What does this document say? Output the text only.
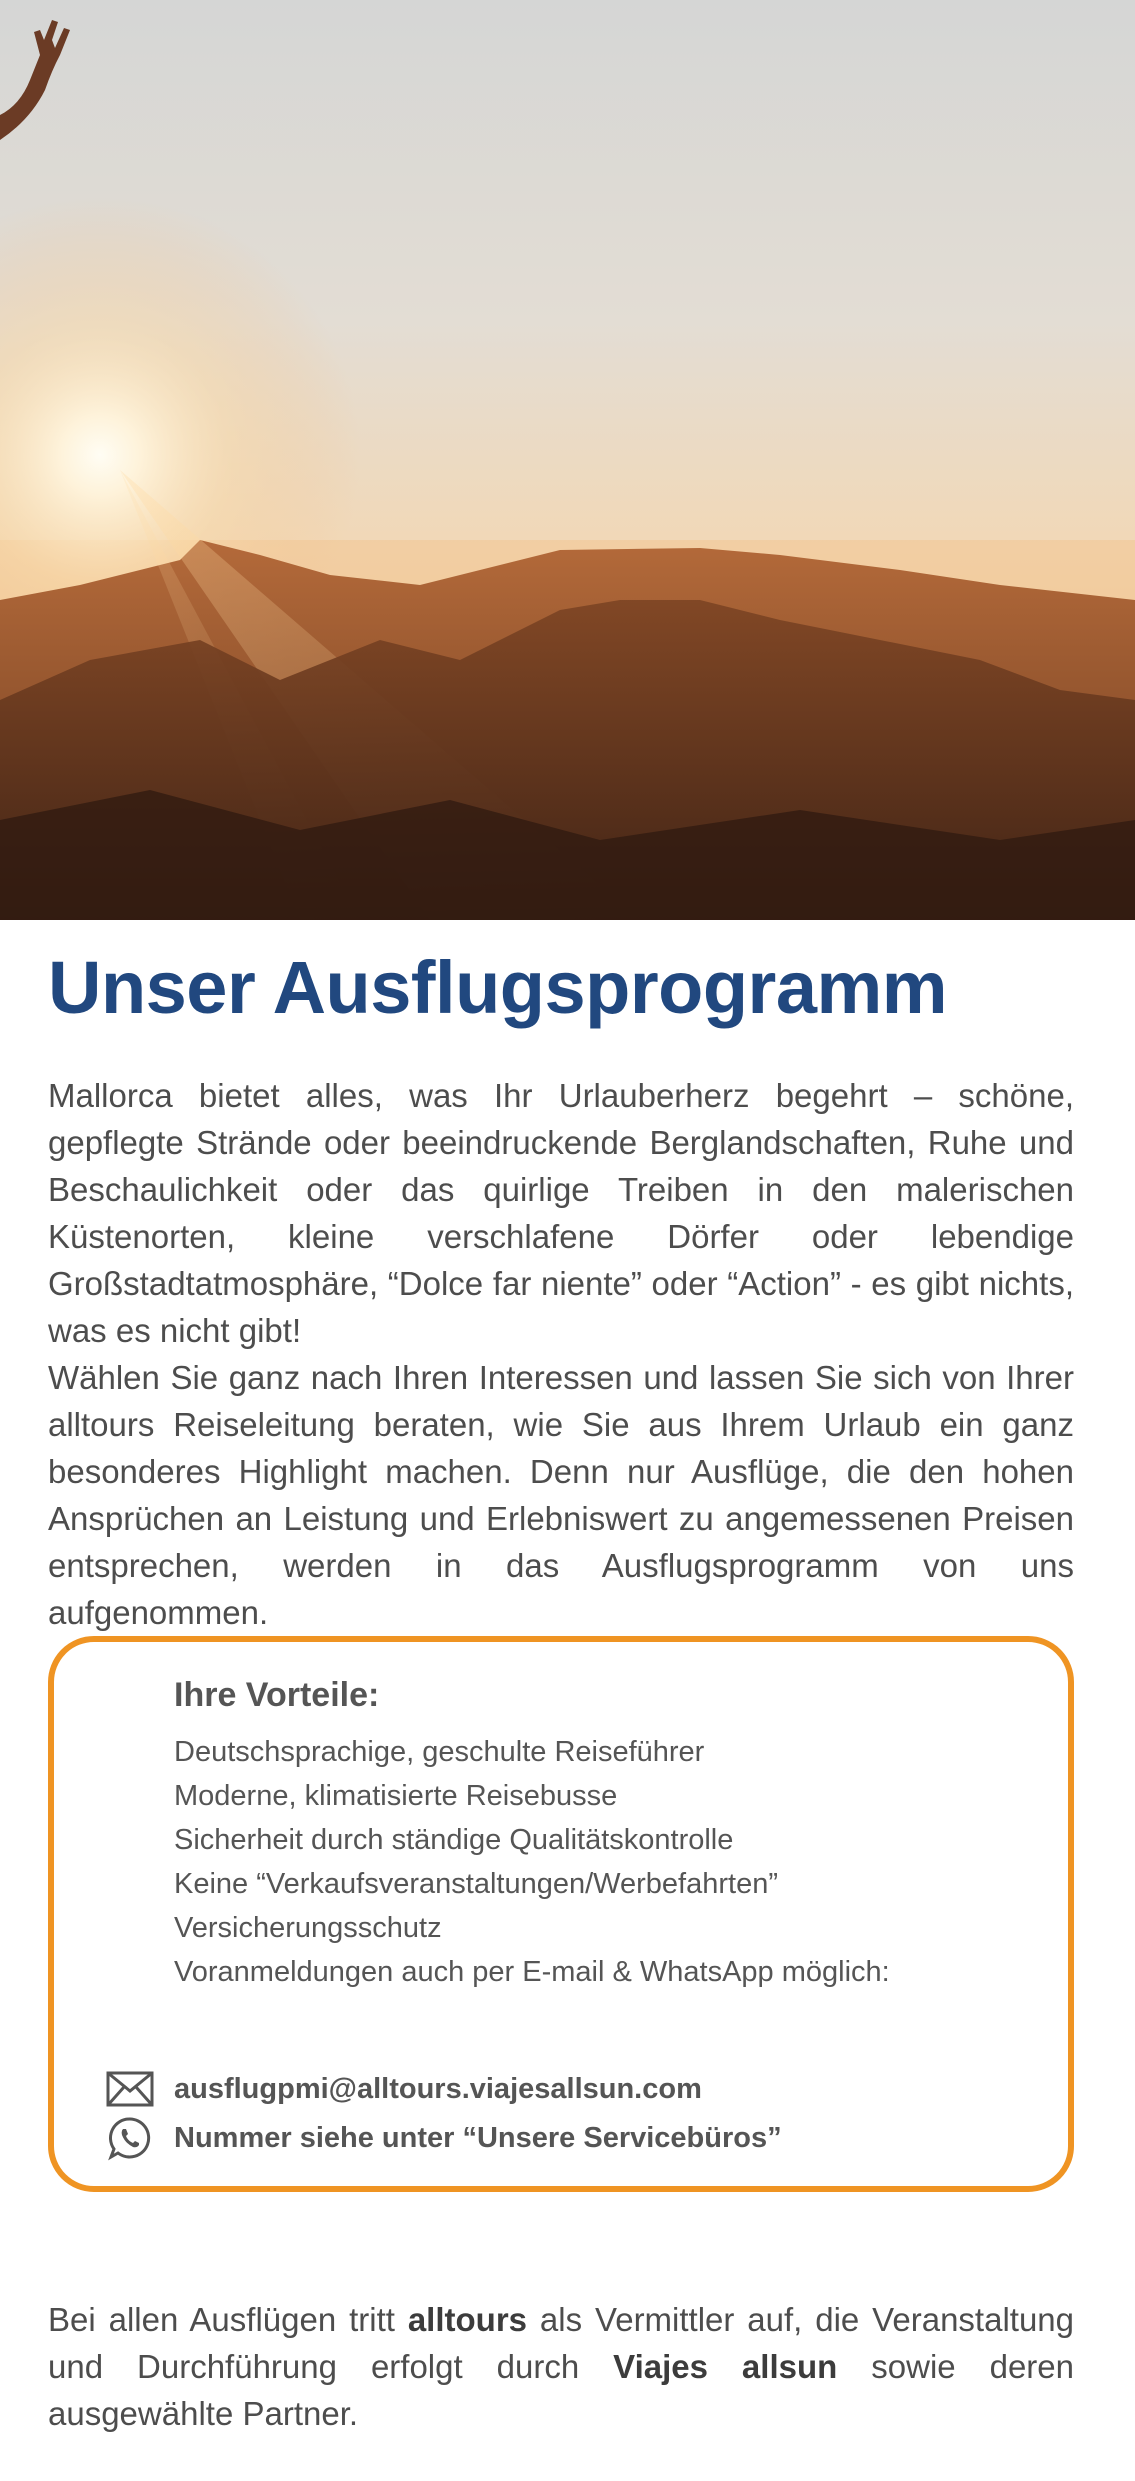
Unser Ausflugsprogramm

Mallorca bietet alles, was Ihr Urlauberherz begehrt – schöne, gepflegte Strände oder beeindruckende Berglandschaften, Ruhe und Beschaulichkeit oder das quirlige Treiben in den malerischen Küstenorten, kleine verschlafene Dörfer oder lebendige Großstadtatmosphäre, “Dolce far niente” oder “Action” - es gibt nichts, was es nicht gibt!

Wählen Sie ganz nach Ihren Interessen und lassen Sie sich von Ihrer alltours Reiseleitung beraten, wie Sie aus Ihrem Urlaub ein ganz besonderes Highlight machen. Denn nur Ausflüge, die den hohen Ansprüchen an Leistung und Erlebniswert zu angemessenen Preisen entsprechen, werden in das Ausflugsprogramm von uns aufgenommen.

Ihre Vorteile:
Deutschsprachige, geschulte Reiseführer
Moderne, klimatisierte Reisebusse
Sicherheit durch ständige Qualitätskontrolle
Keine “Verkaufsveranstaltungen/Werbefahrten”
Versicherungsschutz
Voranmeldungen auch per E-mail & WhatsApp möglich:
ausflugpmi@alltours.viajesallsun.com
Nummer siehe unter “Unsere Servicebüros”

Bei allen Ausflügen tritt alltours als Vermittler auf, die Veranstaltung und Durchführung erfolgt durch Viajes allsun sowie deren ausgewählte Partner.
